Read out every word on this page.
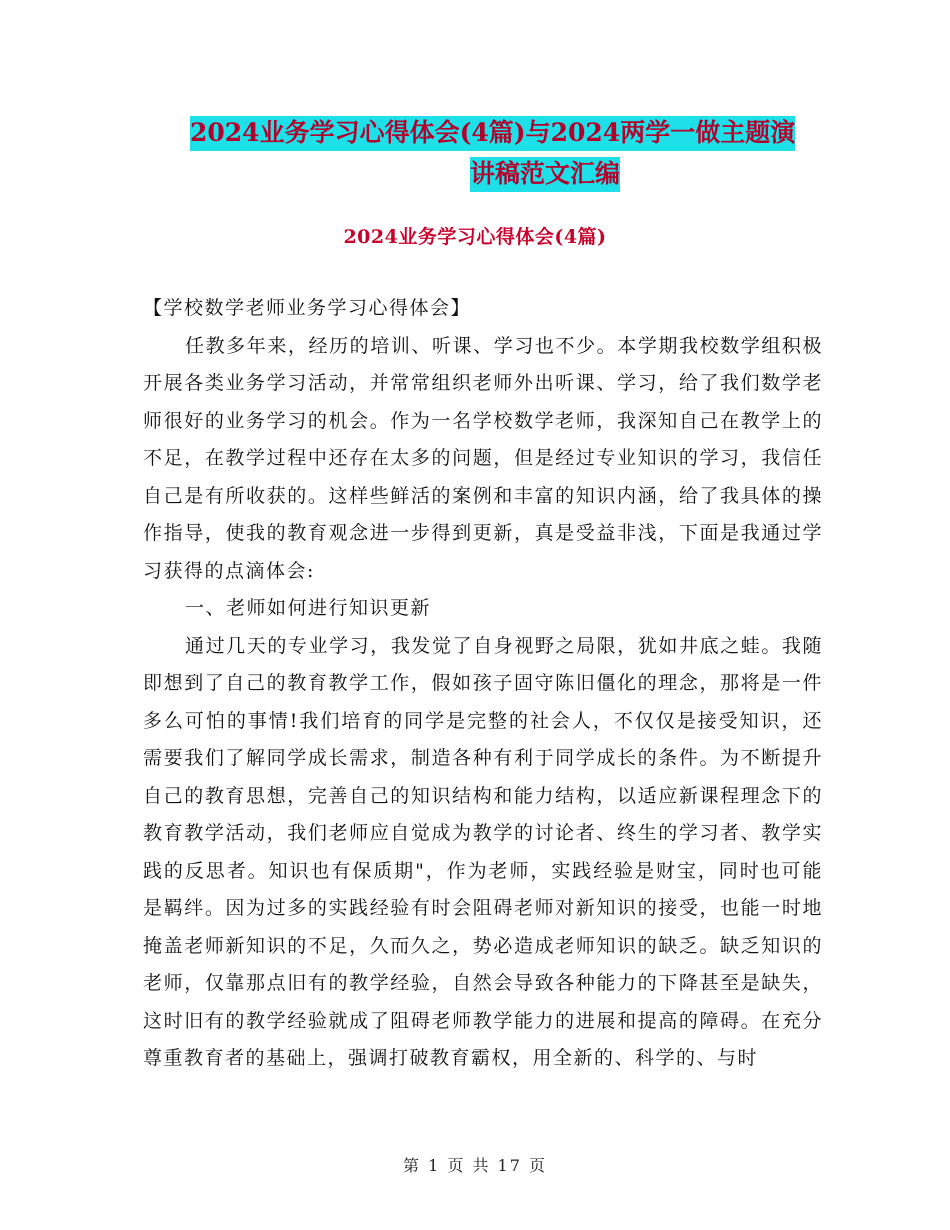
2024业务学习心得体会(4篇)与2024两学一做主题演
讲稿范文汇编
2024业务学习心得体会(4篇)

【学校数学老师业务学习心得体会】

任教多年来，经历的培训、听课、学习也不少。本学期我校数学组积极开展各类业务学习活动，并常常组织老师外出听课、学习，给了我们数学老师很好的业务学习的机会。作为一名学校数学老师，我深知自己在教学上的不足，在教学过程中还存在太多的问题，但是经过专业知识的学习，我信任自己是有所收获的。这样些鲜活的案例和丰富的知识内涵，给了我具体的操作指导，使我的教育观念进一步得到更新，真是受益非浅，下面是我通过学习获得的点滴体会:

一、老师如何进行知识更新

通过几天的专业学习，我发觉了自身视野之局限，犹如井底之蛙。我随即想到了自己的教育教学工作，假如孩子固守陈旧僵化的理念，那将是一件多么可怕的事情!我们培育的同学是完整的社会人，不仅仅是接受知识，还需要我们了解同学成长需求，制造各种有利于同学成长的条件。为不断提升自己的教育思想，完善自己的知识结构和能力结构，以适应新课程理念下的教育教学活动，我们老师应自觉成为教学的讨论者、终生的学习者、教学实践的反思者。知识也有保质期"，作为老师，实践经验是财宝，同时也可能是羁绊。因为过多的实践经验有时会阻碍老师对新知识的接受，也能一时地掩盖老师新知识的不足，久而久之，势必造成老师知识的缺乏。缺乏知识的老师，仅靠那点旧有的教学经验，自然会导致各种能力的下降甚至是缺失，这时旧有的教学经验就成了阻碍老师教学能力的进展和提高的障碍。在充分尊重教育者的基础上，强调打破教育霸权，用全新的、科学的、与时

第 1 页 共 17 页
